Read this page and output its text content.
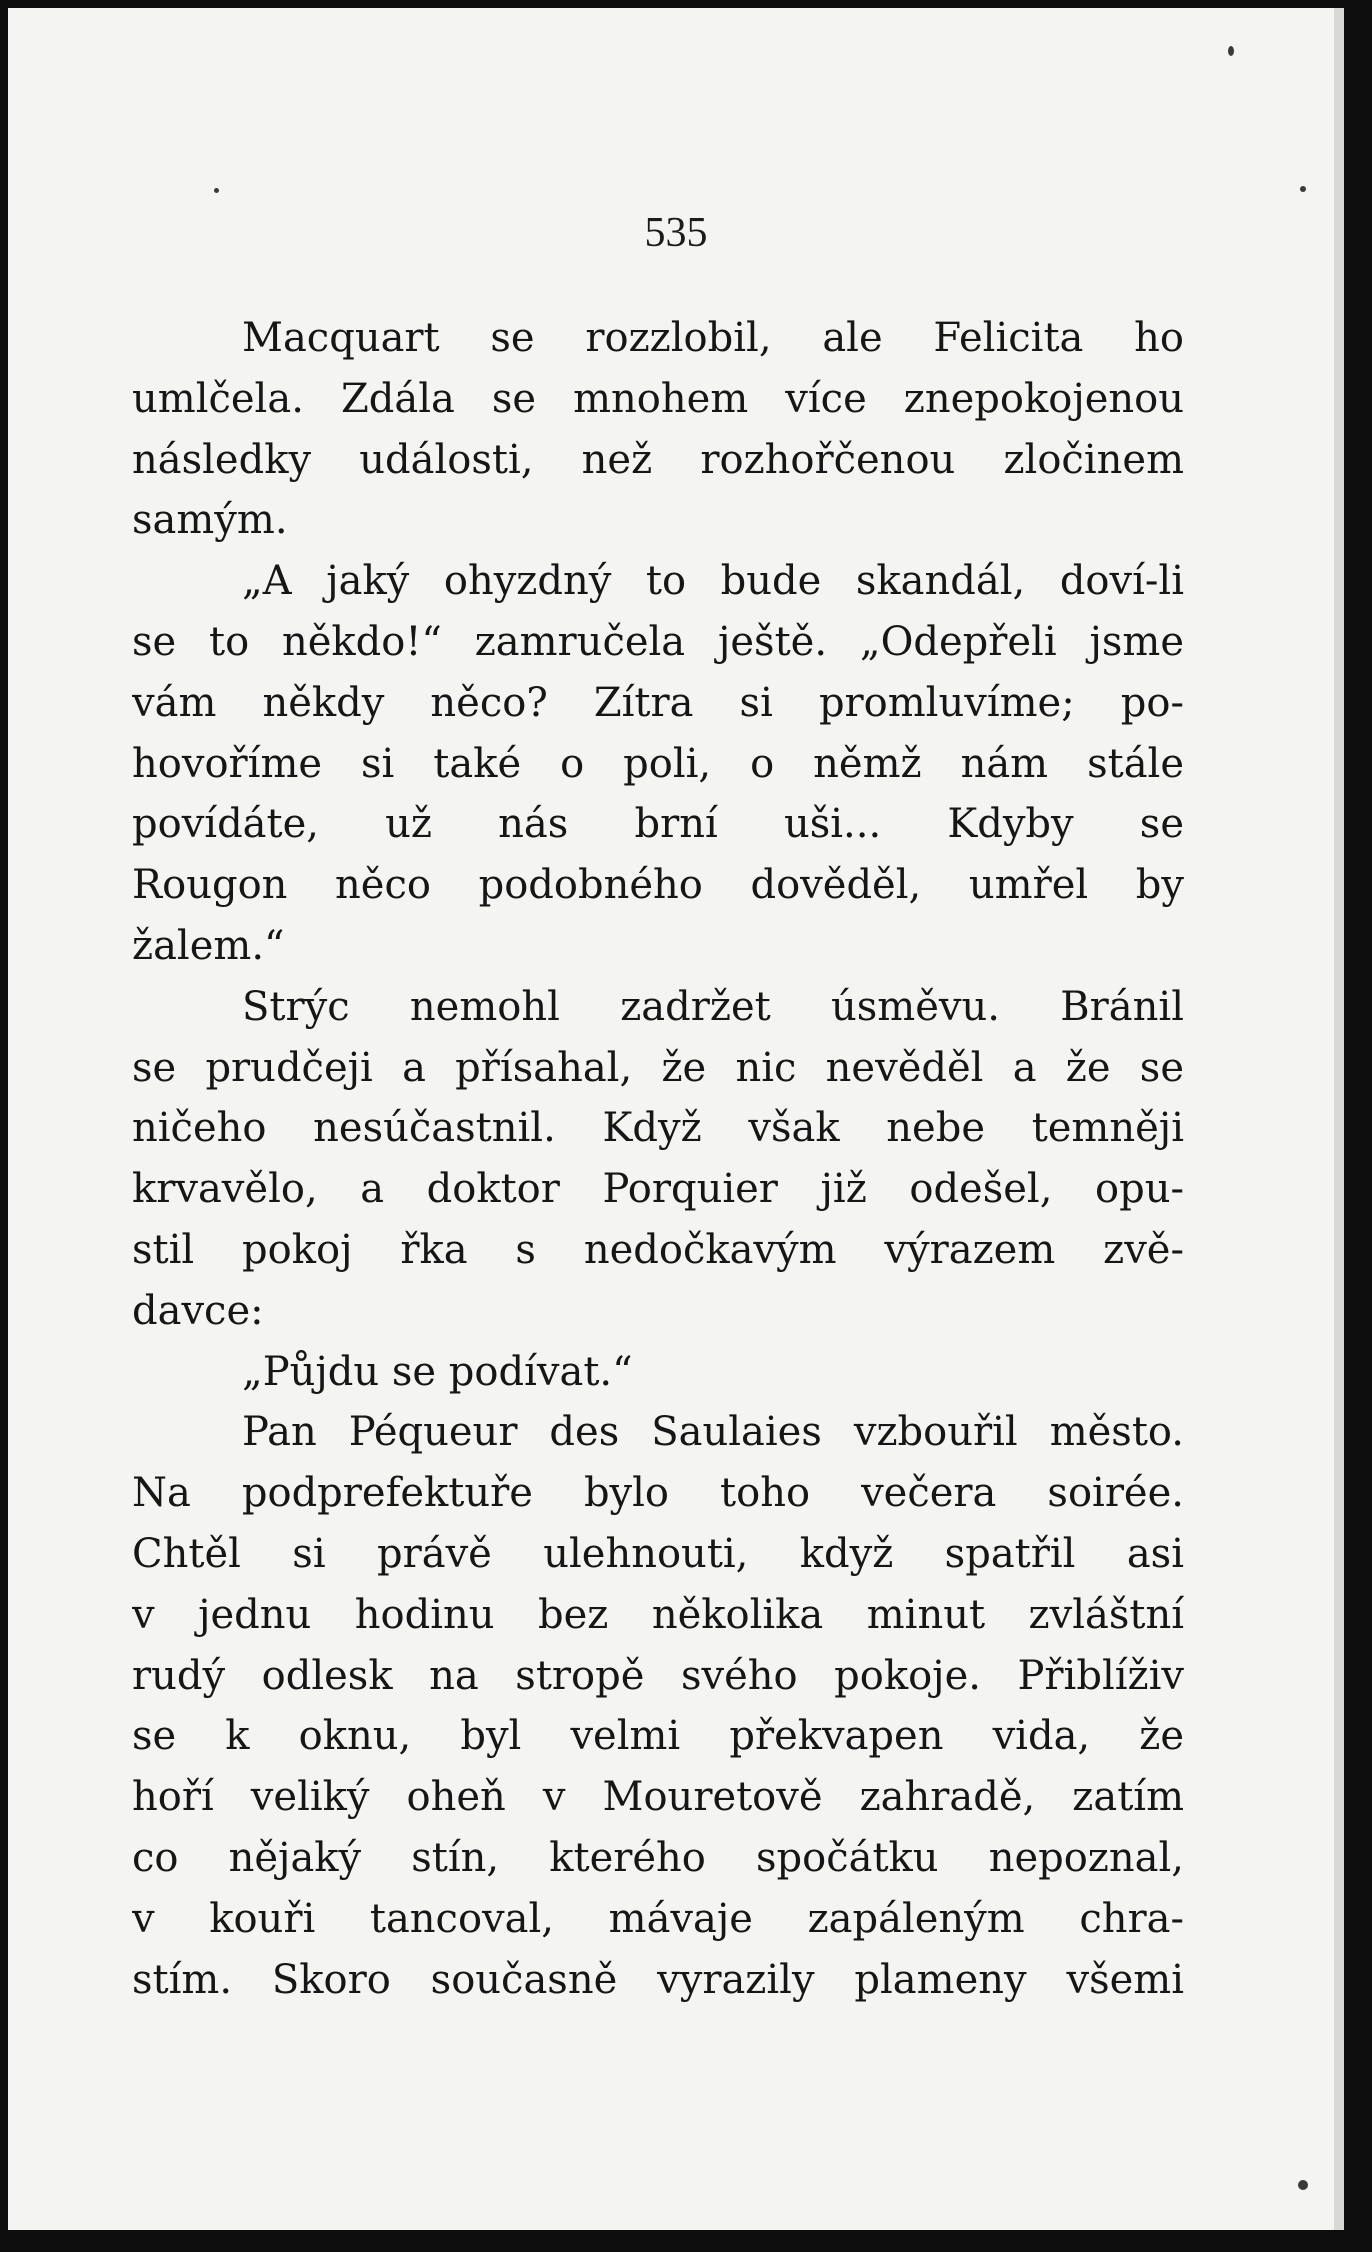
535
Macquart se rozzlobil, ale Felicita ho
umlčela. Zdála se mnohem více znepokojenou
následky události, než rozhořčenou zločinem
samým.
„A jaký ohyzdný to bude skandál, doví-li
se to někdo!“ zamručela ještě. „Odepřeli jsme
vám někdy něco? Zítra si promluvíme; po-
hovoříme si také o poli, o němž nám stále
povídáte, už nás brní uši... Kdyby se
Rougon něco podobného dověděl, umřel by
žalem.“
Strýc nemohl zadržet úsměvu. Bránil
se prudčeji a přísahal, že nic nevěděl a že se
ničeho nesúčastnil. Když však nebe temněji
krvavělo, a doktor Porquier již odešel, opu-
stil pokoj řka s nedočkavým výrazem zvě-
davce:
„Půjdu se podívat.“
Pan Péqueur des Saulaies vzbouřil město.
Na podprefektuře bylo toho večera soirée.
Chtěl si právě ulehnouti, když spatřil asi
v jednu hodinu bez několika minut zvláštní
rudý odlesk na stropě svého pokoje. Přiblíživ
se k oknu, byl velmi překvapen vida, že
hoří veliký oheň v Mouretově zahradě, zatím
co nějaký stín, kterého spočátku nepoznal,
v kouři tancoval, mávaje zapáleným chra-
stím. Skoro současně vyrazily plameny všemi
